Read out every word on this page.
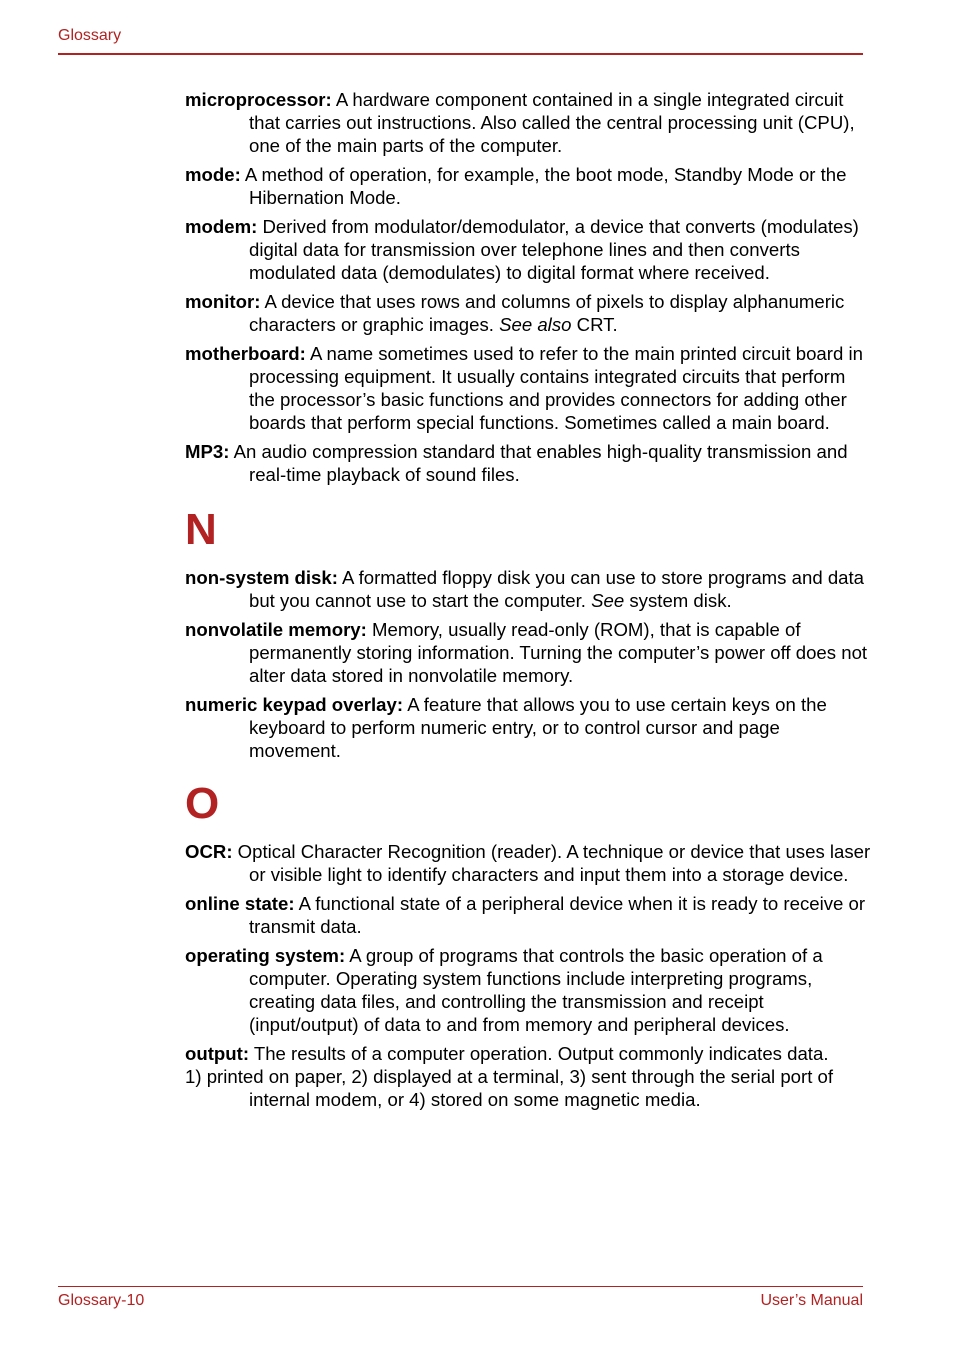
Glossary

microprocessor: A hardware component contained in a single integrated circuit that carries out instructions. Also called the central processing unit (CPU), one of the main parts of the computer.

mode: A method of operation, for example, the boot mode, Standby Mode or the Hibernation Mode.

modem: Derived from modulator/demodulator, a device that converts (modulates) digital data for transmission over telephone lines and then converts modulated data (demodulates) to digital format where received.

monitor: A device that uses rows and columns of pixels to display alphanumeric characters or graphic images. See also CRT.

motherboard: A name sometimes used to refer to the main printed circuit board in processing equipment. It usually contains integrated circuits that perform the processor’s basic functions and provides connectors for adding other boards that perform special functions. Sometimes called a main board.

MP3: An audio compression standard that enables high-quality transmission and real-time playback of sound files.

N

non-system disk: A formatted floppy disk you can use to store programs and data but you cannot use to start the computer. See system disk.

nonvolatile memory: Memory, usually read-only (ROM), that is capable of permanently storing information. Turning the computer’s power off does not alter data stored in nonvolatile memory.

numeric keypad overlay: A feature that allows you to use certain keys on the keyboard to perform numeric entry, or to control cursor and page movement.

O

OCR: Optical Character Recognition (reader). A technique or device that uses laser or visible light to identify characters and input them into a storage device.

online state: A functional state of a peripheral device when it is ready to receive or transmit data.

operating system: A group of programs that controls the basic operation of a computer. Operating system functions include interpreting programs, creating data files, and controlling the transmission and receipt (input/output) of data to and from memory and peripheral devices.

output: The results of a computer operation. Output commonly indicates data.
1) printed on paper, 2) displayed at a terminal, 3) sent through the serial port of internal modem, or 4) stored on some magnetic media.

Glossary-10	User’s Manual
